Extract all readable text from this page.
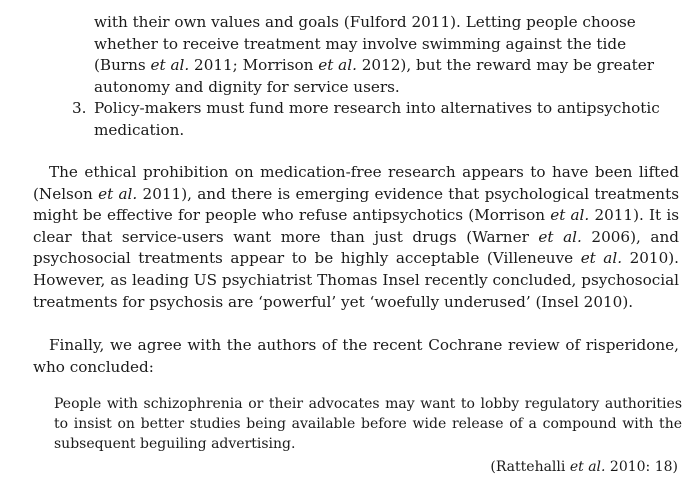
with their own values and goals (Fulford 2011). Letting people choose whether to receive treatment may involve swimming against the tide (Burns et al. 2011; Morrison et al. 2012), but the reward may be greater autonomy and dignity for service users.
3. Policy-makers must fund more research into alternatives to antipsychotic medication.
The ethical prohibition on medication-free research appears to have been lifted (Nelson et al. 2011), and there is emerging evidence that psychological treatments might be effective for people who refuse antipsychotics (Morrison et al. 2011). It is clear that service-users want more than just drugs (Warner et al. 2006), and psychosocial treatments appear to be highly acceptable (Villeneuve et al. 2010). However, as leading US psychiatrist Thomas Insel recently concluded, psychosocial treatments for psychosis are ‘powerful’ yet ‘woefully underused’ (Insel 2010).
Finally, we agree with the authors of the recent Cochrane review of risperidone, who concluded:
People with schizophrenia or their advocates may want to lobby regulatory authorities to insist on better studies being available before wide release of a compound with the subsequent beguiling advertising.
(Rattehalli et al. 2010: 18)
